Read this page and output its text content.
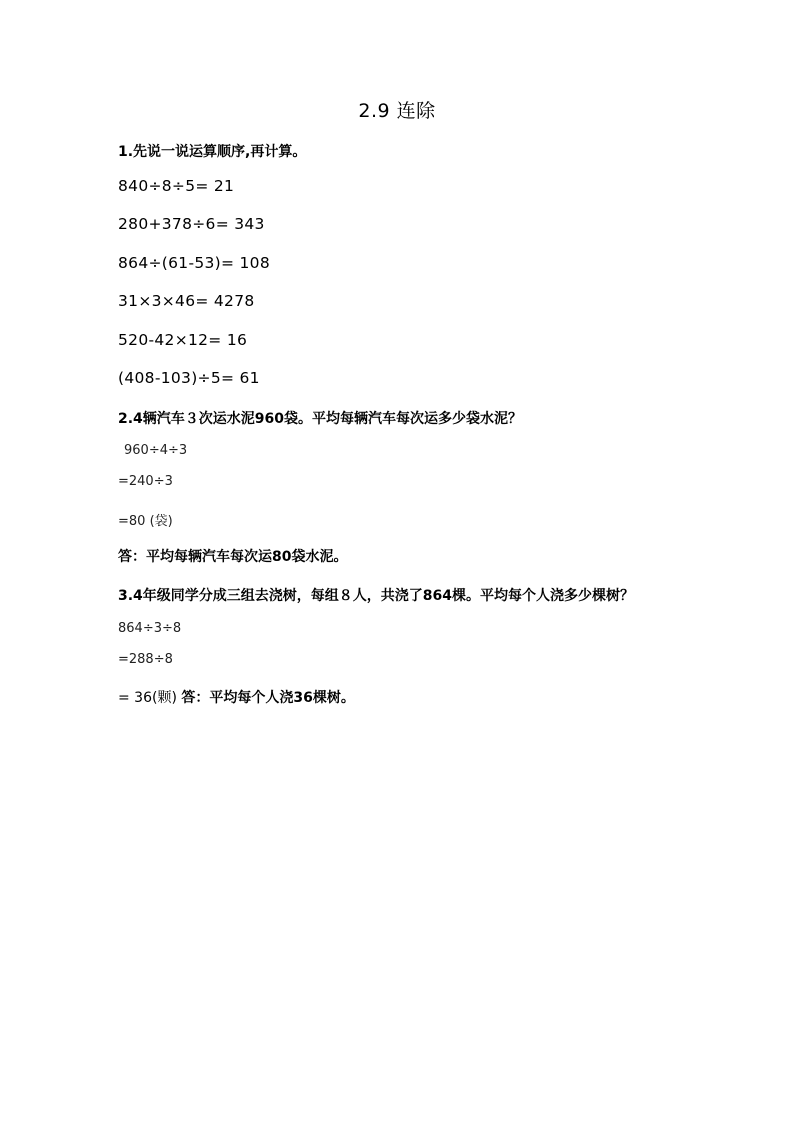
2.9 连除
1.先说一说运算顺序,再计算。
840÷8÷5= 21
280+378÷6= 343
864÷(61-53)= 108
31×3×46= 4278
520-42×12= 16
(408-103)÷5= 61
2.4辆汽车３次运水泥960袋。平均每辆汽车每次运多少袋水泥？
960÷4÷3
=240÷3
=80 (袋)
答：平均每辆汽车每次运80袋水泥。
3.4年级同学分成三组去浇树，每组８人，共浇了864棵。平均每个人浇多少棵树？
864÷3÷8
=288÷8
= 36(颗) 答：平均每个人浇36棵树。
